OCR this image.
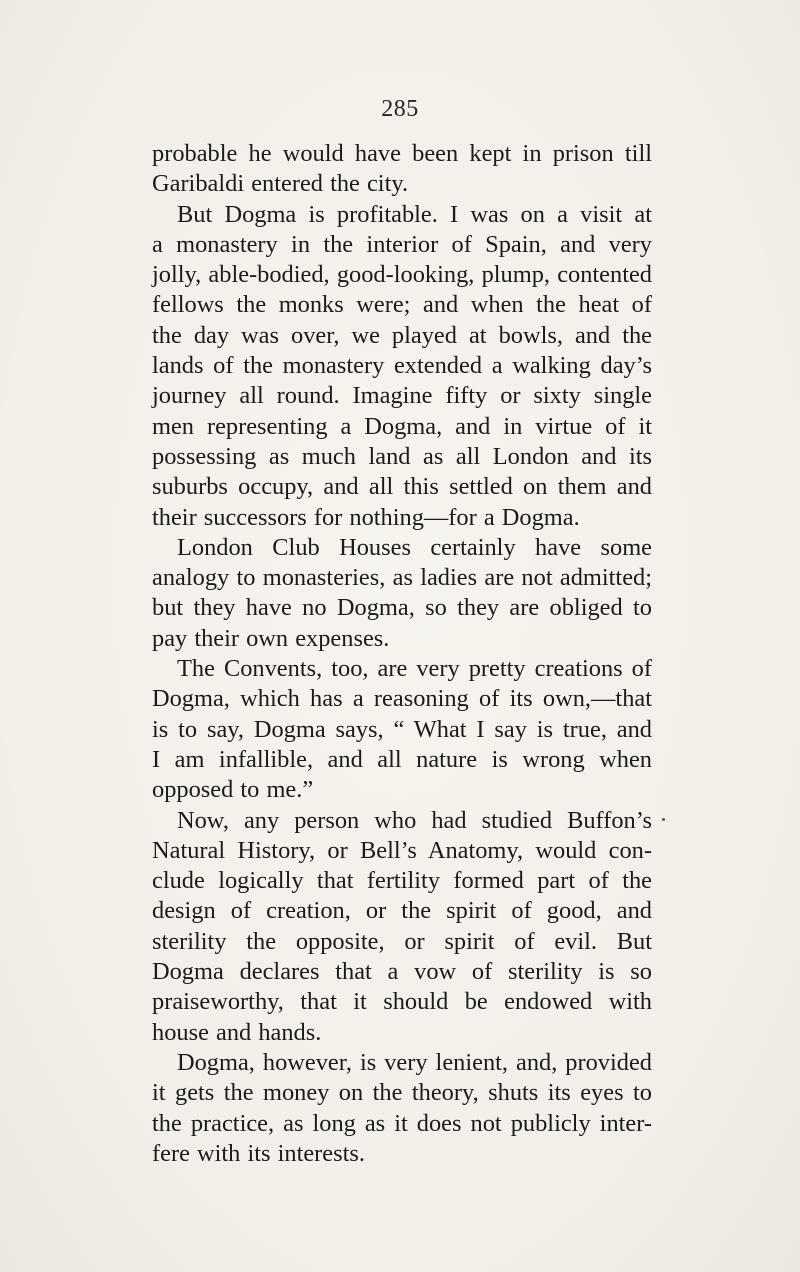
285
probable he would have been kept in prison till
Garibaldi entered the city.
But Dogma is profitable. I was on a visit at
a monastery in the interior of Spain, and very
jolly, able-bodied, good-looking, plump, contented
fellows the monks were; and when the heat of
the day was over, we played at bowls, and the
lands of the monastery extended a walking day’s
journey all round. Imagine fifty or sixty single
men representing a Dogma, and in virtue of it
possessing as much land as all London and its
suburbs occupy, and all this settled on them and
their successors for nothing—for a Dogma.
London Club Houses certainly have some
analogy to monasteries, as ladies are not admitted;
but they have no Dogma, so they are obliged to
pay their own expenses.
The Convents, too, are very pretty creations of
Dogma, which has a reasoning of its own,—that
is to say, Dogma says, “ What I say is true, and
I am infallible, and all nature is wrong when
opposed to me.”
Now, any person who had studied Buffon’s
Natural History, or Bell’s Anatomy, would con-
clude logically that fertility formed part of the
design of creation, or the spirit of good, and
sterility the opposite, or spirit of evil. But
Dogma declares that a vow of sterility is so
praiseworthy, that it should be endowed with
house and hands.
Dogma, however, is very lenient, and, provided
it gets the money on the theory, shuts its eyes to
the practice, as long as it does not publicly inter-
fere with its interests.
